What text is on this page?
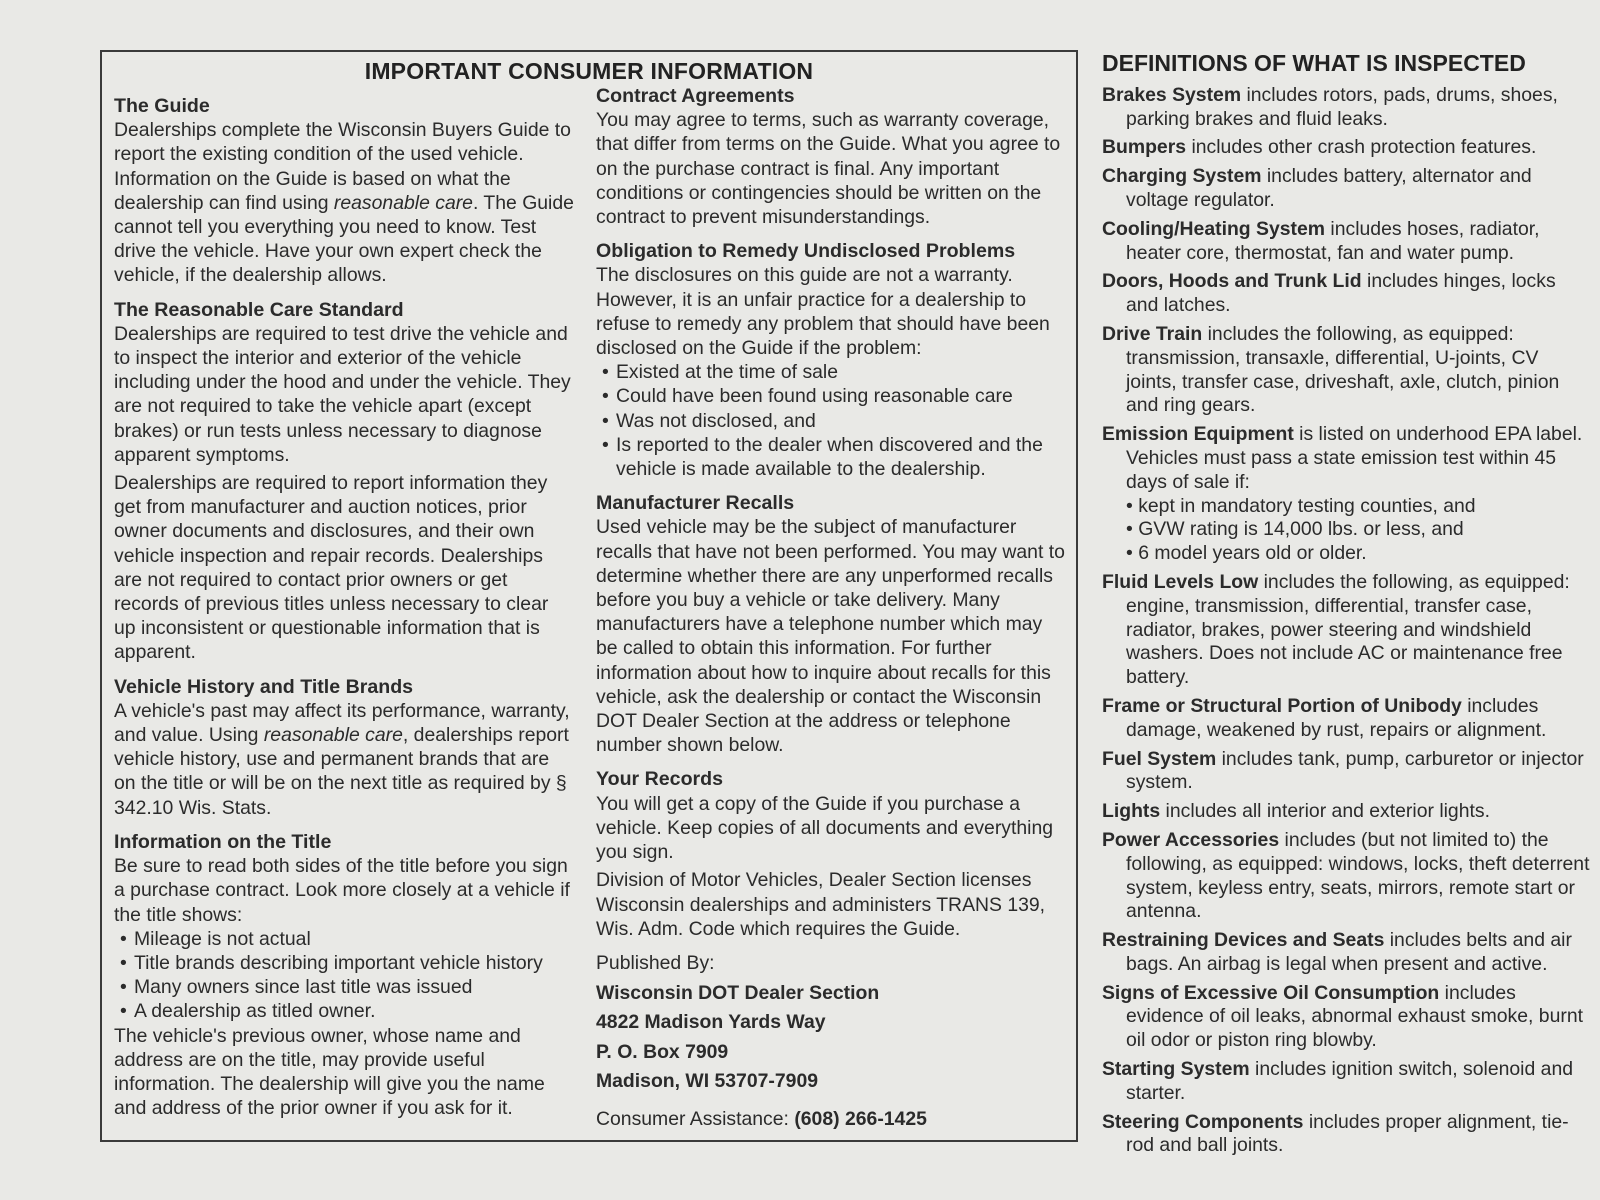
IMPORTANT CONSUMER INFORMATION
The Guide

Dealerships complete the Wisconsin Buyers Guide to report the existing condition of the used vehicle. Information on the Guide is based on what the dealership can find using reasonable care. The Guide cannot tell you everything you need to know. Test drive the vehicle. Have your own expert check the vehicle, if the dealership allows.

The Reasonable Care Standard

Dealerships are required to test drive the vehicle and to inspect the interior and exterior of the vehicle including under the hood and under the vehicle. They are not required to take the vehicle apart (except brakes) or run tests unless necessary to diagnose apparent symptoms.

Dealerships are required to report information they get from manufacturer and auction notices, prior owner documents and disclosures, and their own vehicle inspection and repair records. Dealerships are not required to contact prior owners or get records of previous titles unless necessary to clear up inconsistent or questionable information that is apparent.

Vehicle History and Title Brands

A vehicle's past may affect its performance, warranty, and value. Using reasonable care, dealerships report vehicle history, use and permanent brands that are on the title or will be on the next title as required by § 342.10 Wis. Stats.

Information on the Title

Be sure to read both sides of the title before you sign a purchase contract. Look more closely at a vehicle if the title shows:

• Mileage is not actual
• Title brands describing important vehicle history
• Many owners since last title was issued
• A dealership as titled owner.

The vehicle's previous owner, whose name and address are on the title, may provide useful information. The dealership will give you the name and address of the prior owner if you ask for it.

Contract Agreements

You may agree to terms, such as warranty coverage, that differ from terms on the Guide. What you agree to on the purchase contract is final. Any important conditions or contingencies should be written on the contract to prevent misunderstandings.

Obligation to Remedy Undisclosed Problems

The disclosures on this guide are not a warranty. However, it is an unfair practice for a dealership to refuse to remedy any problem that should have been disclosed on the Guide if the problem:

• Existed at the time of sale
• Could have been found using reasonable care
• Was not disclosed, and
• Is reported to the dealer when discovered and the vehicle is made available to the dealership.
Manufacturer Recalls

Used vehicle may be the subject of manufacturer recalls that have not been performed. You may want to determine whether there are any unperformed recalls before you buy a vehicle or take delivery. Many manufacturers have a telephone number which may be called to obtain this information. For further information about how to inquire about recalls for this vehicle, ask the dealership or contact the Wisconsin DOT Dealer Section at the address or telephone number shown below.

Your Records

You will get a copy of the Guide if you purchase a vehicle. Keep copies of all documents and everything you sign.

Division of Motor Vehicles, Dealer Section licenses Wisconsin dealerships and administers TRANS 139, Wis. Adm. Code which requires the Guide.

Published By:
Wisconsin DOT Dealer Section
4822 Madison Yards Way
P. O. Box 7909
Madison, WI 53707-7909
Consumer Assistance: (608) 266-1425
DEFINITIONS OF WHAT IS INSPECTED
Brakes System includes rotors, pads, drums, shoes, parking brakes and fluid leaks.
Bumpers includes other crash protection features.
Charging System includes battery, alternator and voltage regulator.
Cooling/Heating System includes hoses, radiator, heater core, thermostat, fan and water pump.
Doors, Hoods and Trunk Lid includes hinges, locks and latches.
Drive Train includes the following, as equipped: transmission, transaxle, differential, U-joints, CV joints, transfer case, driveshaft, axle, clutch, pinion and ring gears.
Emission Equipment is listed on underhood EPA label. Vehicles must pass a state emission test within 45 days of sale if:
• kept in mandatory testing counties, and
• GVW rating is 14,000 lbs. or less, and
• 6 model years old or older.
Fluid Levels Low includes the following, as equipped: engine, transmission, differential, transfer case, radiator, brakes, power steering and windshield washers. Does not include AC or maintenance free battery.
Frame or Structural Portion of Unibody includes damage, weakened by rust, repairs or alignment.
Fuel System includes tank, pump, carburetor or injector system.
Lights includes all interior and exterior lights.
Power Accessories includes (but not limited to) the following, as equipped: windows, locks, theft deterrent system, keyless entry, seats, mirrors, remote start or antenna.
Restraining Devices and Seats includes belts and air bags. An airbag is legal when present and active.
Signs of Excessive Oil Consumption includes evidence of oil leaks, abnormal exhaust smoke, burnt oil odor or piston ring blowby.
Starting System includes ignition switch, solenoid and starter.
Steering Components includes proper alignment, tie-rod and ball joints.
